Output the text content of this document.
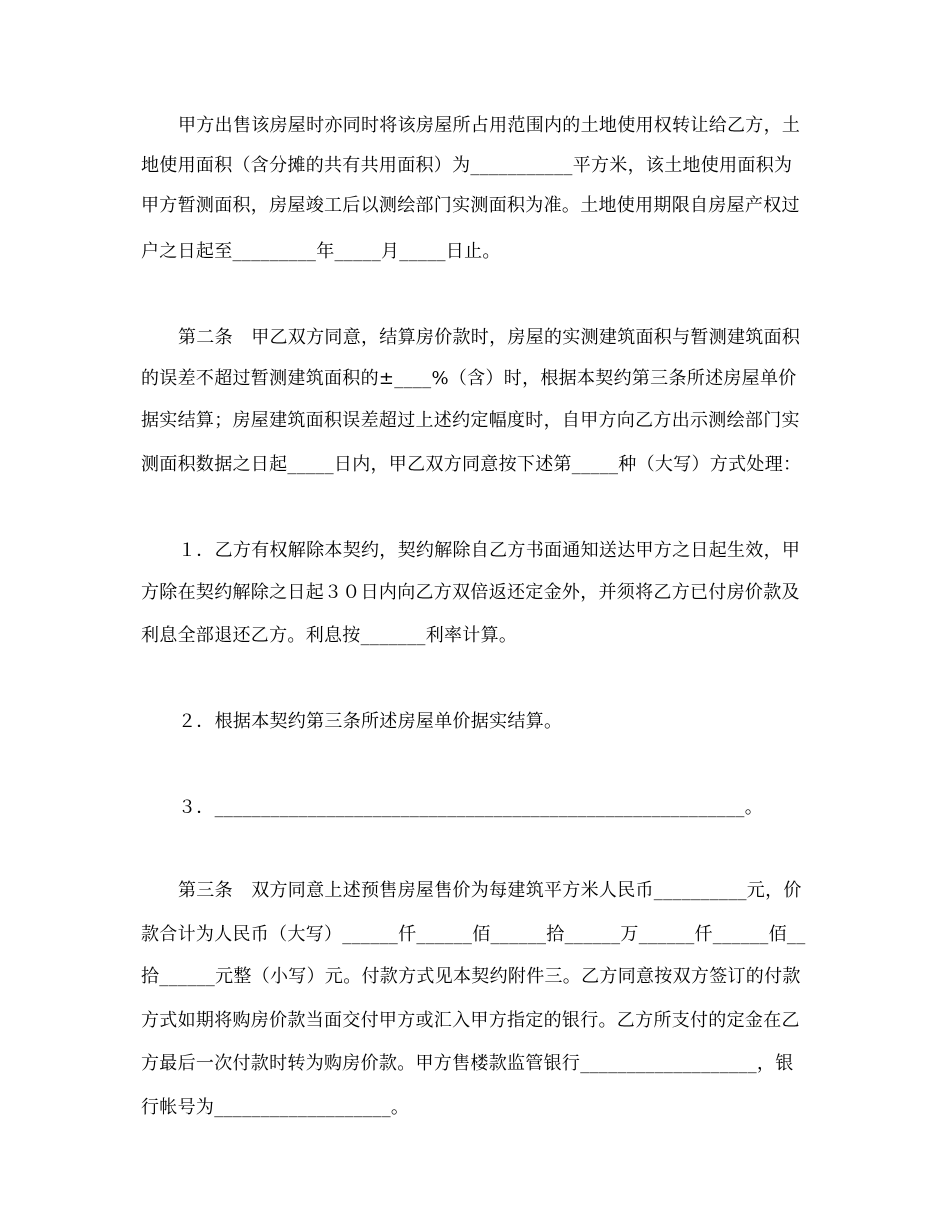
甲方出售该房屋时亦同时将该房屋所占用范围内的土地使用权转让给乙方，土
地使用面积（含分摊的共有共用面积）为___________平方米，该土地使用面积为
甲方暂测面积，房屋竣工后以测绘部门实测面积为准。土地使用期限自房屋产权过
户之日起至_________年_____月_____日止。
第二条　甲乙双方同意，结算房价款时，房屋的实测建筑面积与暂测建筑面积
的误差不超过暂测建筑面积的±____%（含）时，根据本契约第三条所述房屋单价
据实结算；房屋建筑面积误差超过上述约定幅度时，自甲方向乙方出示测绘部门实
测面积数据之日起_____日内，甲乙双方同意按下述第_____种（大写）方式处理：
１．乙方有权解除本契约，契约解除自乙方书面通知送达甲方之日起生效，甲
方除在契约解除之日起３０日内向乙方双倍返还定金外，并须将乙方已付房价款及
利息全部退还乙方。利息按_______利率计算。
２．根据本契约第三条所述房屋单价据实结算。
３．_________________________________________________________。
第三条　双方同意上述预售房屋售价为每建筑平方米人民币__________元，价
款合计为人民币（大写）______仟______佰______拾______万______仟______佰__
拾______元整（小写）元。付款方式见本契约附件三。乙方同意按双方签订的付款
方式如期将购房价款当面交付甲方或汇入甲方指定的银行。乙方所支付的定金在乙
方最后一次付款时转为购房价款。甲方售楼款监管银行___________________，银
行帐号为___________________。
